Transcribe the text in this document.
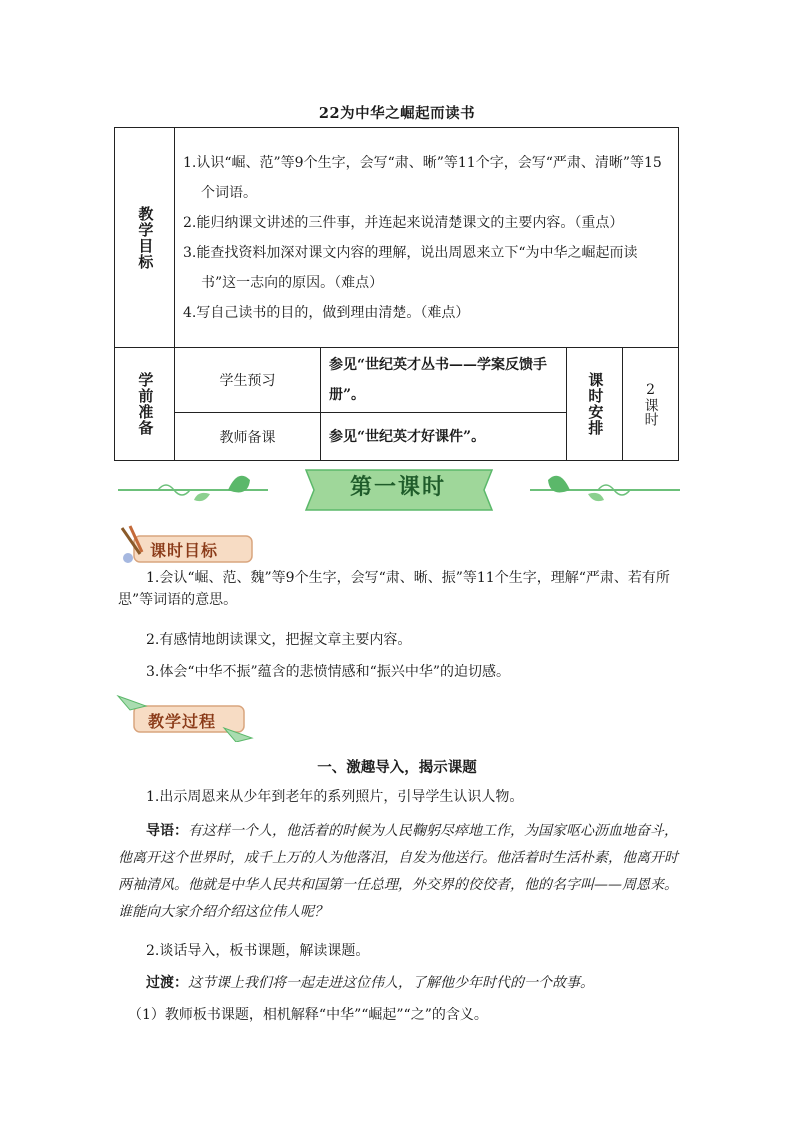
22为中华之崛起而读书
教学目标	1.认识“崛、范”等9个生字，会写“肃、晰”等11个字，会写“严肃、清晰”等15个词语。
2.能归纳课文讲述的三件事，并连起来说清楚课文的主要内容。（重点）
3.能查找资料加深对课文内容的理解，说出周恩来立下“为中华之崛起而读书”这一志向的原因。（难点）
4.写自己读书的目的，做到理由清楚。（难点）			

学前准备	学生预习	参见“世纪英才丛书——学案反馈手册”。	课时安排	2
课时

	教师备课	参见“世纪英才好课件”。		
第一课时
课时目标
1.会认“崛、范、魏”等9个生字，会写“肃、晰、振”等11个生字，理解“严肃、若有所思”等词语的意思。
2.有感情地朗读课文，把握文章主要内容。
3.体会“中华不振”蕴含的悲愤情感和“振兴中华”的迫切感。
教学过程
一、激趣导入，揭示课题
1.出示周恩来从少年到老年的系列照片，引导学生认识人物。
导语：有这样一个人，他活着的时候为人民鞠躬尽瘁地工作，为国家呕心沥血地奋斗，他离开这个世界时，成千上万的人为他落泪，自发为他送行。他活着时生活朴素，他离开时两袖清风。他就是中华人民共和国第一任总理，外交界的佼佼者，他的名字叫——周恩来。谁能向大家介绍介绍这位伟人呢？
2.谈话导入，板书课题，解读课题。
过渡：这节课上我们将一起走进这位伟人，了解他少年时代的一个故事。
（1）教师板书课题，相机解释“中华”“崛起”“之”的含义。
